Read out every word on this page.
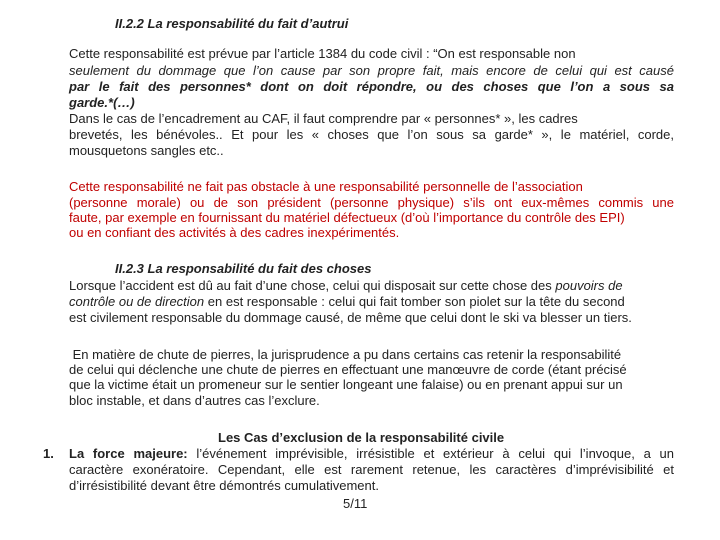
II.2.2 La responsabilité du fait d’autrui
Cette responsabilité est prévue par l’article 1384 du code civil : “On est responsable non
seulement du dommage que l’on cause par son propre fait, mais encore de celui qui est causé
par le fait des personnes* dont on doit répondre, ou des choses que l’on a sous sa
garde.*(…)
Dans le cas de l’encadrement au CAF, il faut comprendre par « personnes* », les cadres
brevetés, les bénévoles.. Et pour les « choses que l’on sous sa garde* », le matériel, corde,
mousquetons sangles etc..
Cette responsabilité ne fait pas obstacle à une responsabilité personnelle de l’association
(personne morale) ou de son président (personne physique) s’ils ont eux-mêmes commis une
faute, par exemple en fournissant du matériel défectueux (d’où l’importance du contrôle des EPI)
ou en confiant des activités à des cadres inexpérimentés.
II.2.3 La responsabilité du fait des choses
Lorsque l’accident est dû au fait d’une chose, celui qui disposait sur cette chose des pouvoirs de
contrôle ou de direction en est responsable : celui qui fait tomber son piolet sur la tête du second
est civilement responsable du dommage causé, de même que celui dont le ski va blesser un tiers.
En matière de chute de pierres, la jurisprudence a pu dans certains cas retenir la responsabilité
de celui qui déclenche une chute de pierres en effectuant une manœuvre de corde (étant précisé
que la victime était un promeneur sur le sentier longeant une falaise) ou en prenant appui sur un
bloc instable, et dans d’autres cas l’exclure.
Les Cas d’exclusion de la responsabilité civile
1. La force majeure: l’événement imprévisible, irrésistible et extérieur à celui qui l’invoque, a un
caractère exonératoire. Cependant, elle est rarement retenue, les caractères d’imprévisibilité et
d’irrésistibilité devant être démontrés cumulativement.
5/11
